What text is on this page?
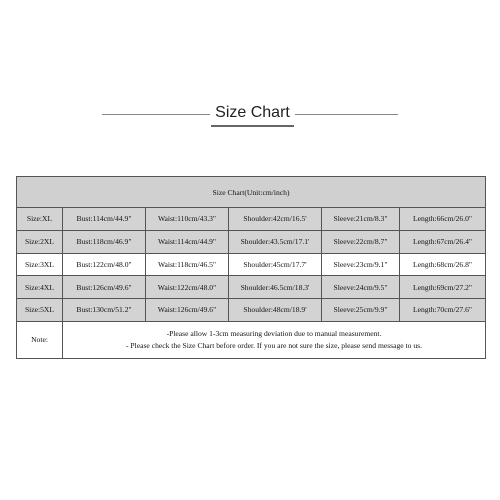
Size Chart
Size Chart(Unit:cm/inch)					
Size:XL	Bust:114cm/44.9"	Waist:110cm/43.3"	Shoulder:42cm/16.5'	Sleeve:21cm/8.3"	Length:66cm/26.0"
Size:2XL	Bust:118cm/46.9"	Waist:114cm/44.9"	Shoulder:43.5cm/17.1'	Sleeve:22cm/8.7"	Length:67cm/26.4"
Size:3XL	Bust:122cm/48.0"	Waist:118cm/46.5"	Shoulder:45cm/17.7'	Sleeve:23cm/9.1"	Length:68cm/26.8"
Size:4XL	Bust:126cm/49.6"	Waist:122cm/48.0"	Shoulder:46.5cm/18.3'	Sleeve:24cm/9.5"	Length:69cm/27.2"
Size:5XL	Bust:130cm/51.2"	Waist:126cm/49.6"	Shoulder:48cm/18.9'	Sleeve:25cm/9.9"	Length:70cm/27.6"
Note:	-Please allow 1-3cm measuring deviation due to manual measurement.
- Please check the Size Chart before order. If you are not sure the size, please send message to us.				
